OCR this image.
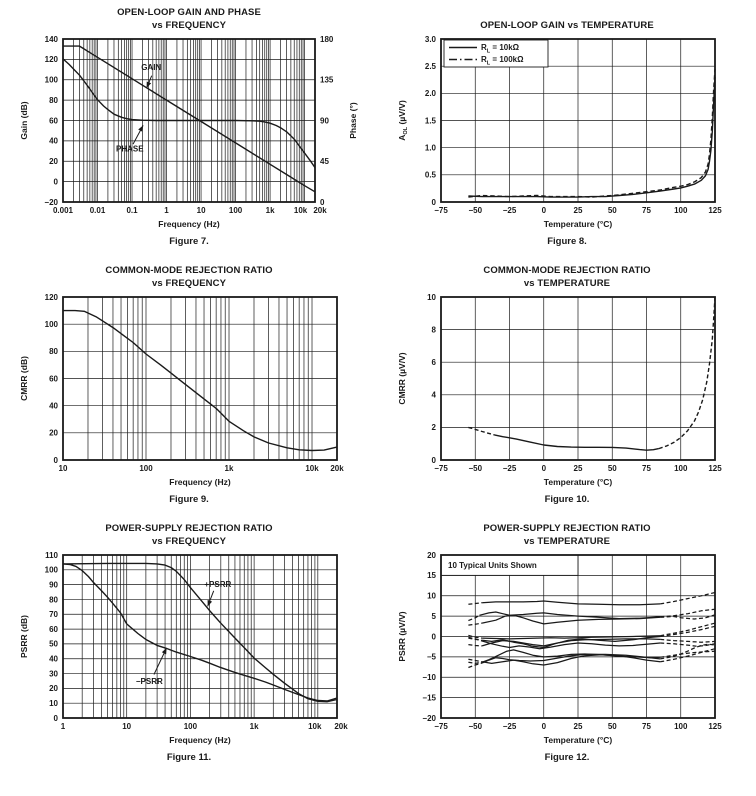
OPEN-LOOP GAIN AND PHASE
vs FREQUENCY
GAIN
PHASE
0.001 0.01	0.1	1	10	100	1k 10k 20k
−20
0
20
40
60
80
100
120
140
0
45
90
135
180
Frequency (Hz)
Gain (dB)	Phase (°)
Figure 7.
OPEN-LOOP GAIN vs TEMPERATURE
$R_L = 10k\Omega$
$R_L = 100k\Omega$
−75	−50	−25	0	25	50	75	100	125
0
0.5
1.0
1.5
2.0
2.5
3.0
Temperature (°C)
$A_{OL}$ (µV/V)
Figure 8.
COMMON-MODE REJECTION RATIO
vs FREQUENCY
10	100	1k	10k 20k
0
20
40
60
80
100
120
Frequency (Hz)
CMRR (dB)
Figure 9.
COMMON-MODE REJECTION RATIO
vs TEMPERATURE
−75	−50	−25	0	25	50	75	100	125
0
2
4
6
8
10
Temperature (°C)
CMRR (µV/V)
Figure 10.
POWER-SUPPLY REJECTION RATIO
vs FREQUENCY
+PSRR
−PSRR
1	10	100	1k	10k 20k
0
10
20
30
40
50
60
70
80
90
100
110
Frequency (Hz)
PSRR (dB)
Figure 11.
POWER-SUPPLY REJECTION RATIO
vs TEMPERATURE
10 Typical Units Shown
−75	−50	−25	0	25	50	75	100	125
−20
−15
−10
−5
0
5
10
15
20
Temperature (°C)
PSRR (µV/V)
Figure 12.
